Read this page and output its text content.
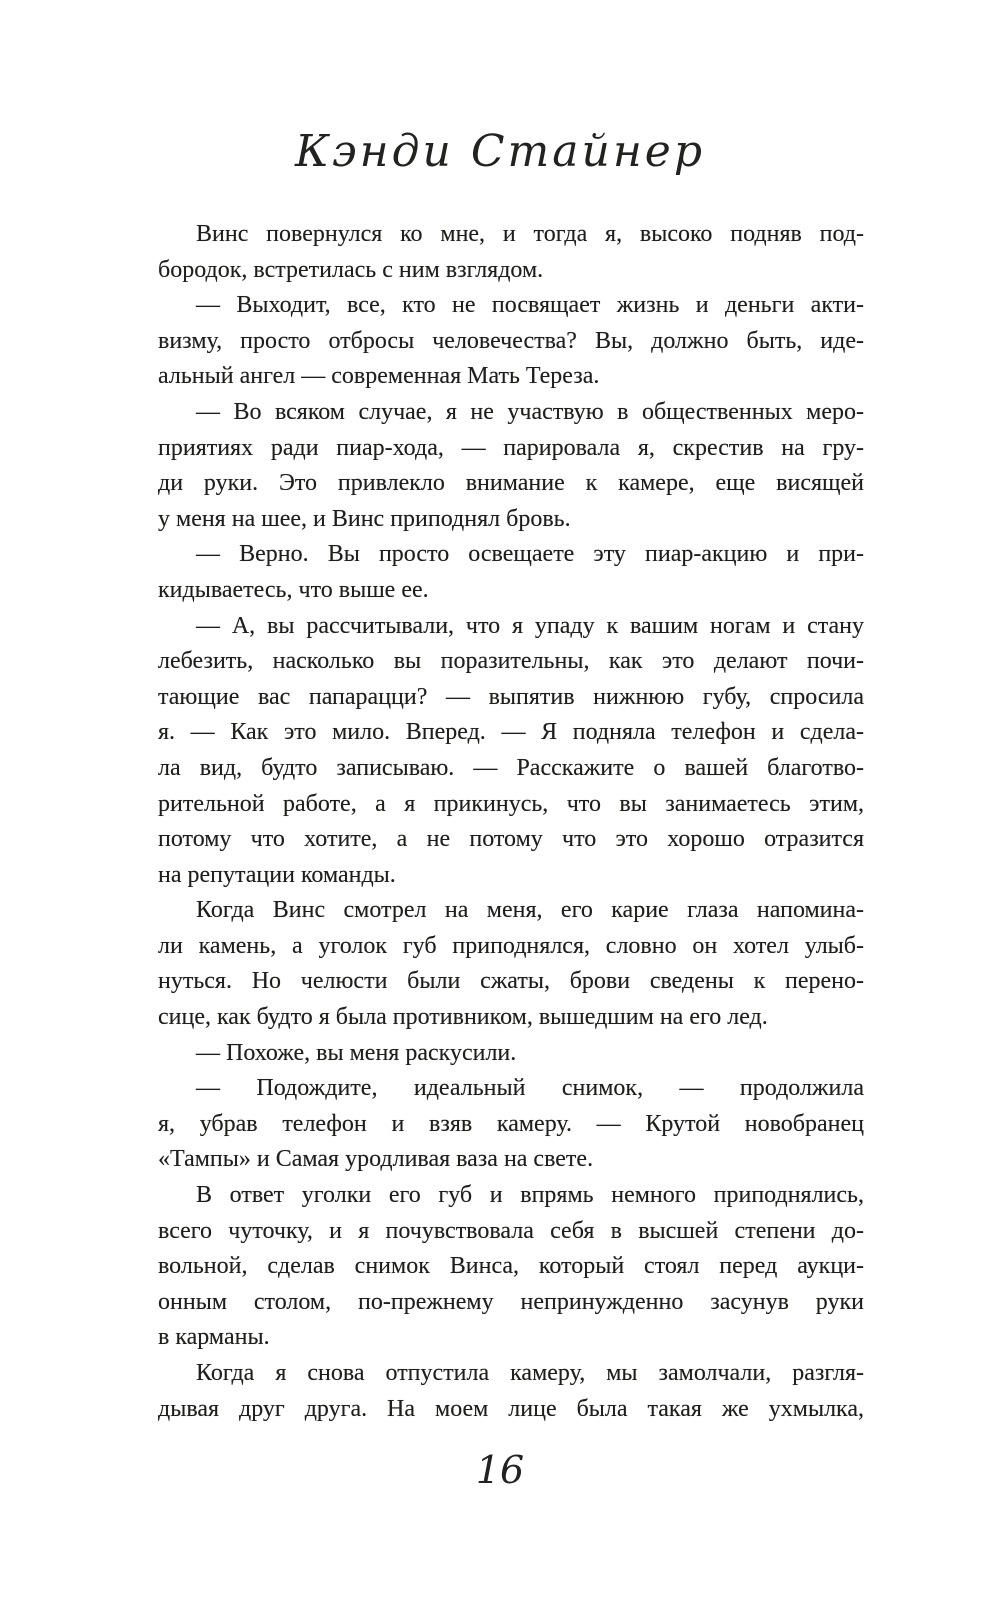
Кэнди Стайнер
Винс повернулся ко мне, и тогда я, высоко подняв под-
бородок, встретилась с ним взглядом.
— Выходит, все, кто не посвящает жизнь и деньги акти-
визму, просто отбросы человечества? Вы, должно быть, иде-
альный ангел — современная Мать Тереза.
— Во всяком случае, я не участвую в общественных меро-
приятиях ради пиар-хода, — парировала я, скрестив на гру-
ди руки. Это привлекло внимание к камере, еще висящей
у меня на шее, и Винс приподнял бровь.
— Верно. Вы просто освещаете эту пиар-акцию и при-
кидываетесь, что выше ее.
— А, вы рассчитывали, что я упаду к вашим ногам и стану
лебезить, насколько вы поразительны, как это делают почи-
тающие вас папарацци? — выпятив нижнюю губу, спросила
я. — Как это мило. Вперед. — Я подняла телефон и сдела-
ла вид, будто записываю. — Расскажите о вашей благотво-
рительной работе, а я прикинусь, что вы занимаетесь этим,
потому что хотите, а не потому что это хорошо отразится
на репутации команды.
Когда Винс смотрел на меня, его карие глаза напомина-
ли камень, а уголок губ приподнялся, словно он хотел улыб-
нуться. Но челюсти были сжаты, брови сведены к перено-
сице, как будто я была противником, вышедшим на его лед.
— Похоже, вы меня раскусили.
— Подождите, идеальный снимок, — продолжила
я, убрав телефон и взяв камеру. — Крутой новобранец
«Тампы» и Самая уродливая ваза на свете.
В ответ уголки его губ и впрямь немного приподнялись,
всего чуточку, и я почувствовала себя в высшей степени до-
вольной, сделав снимок Винса, который стоял перед аукци-
онным столом, по-прежнему непринужденно засунув руки
в карманы.
Когда я снова отпустила камеру, мы замолчали, разгля-
дывая друг друга. На моем лице была такая же ухмылка,
16
